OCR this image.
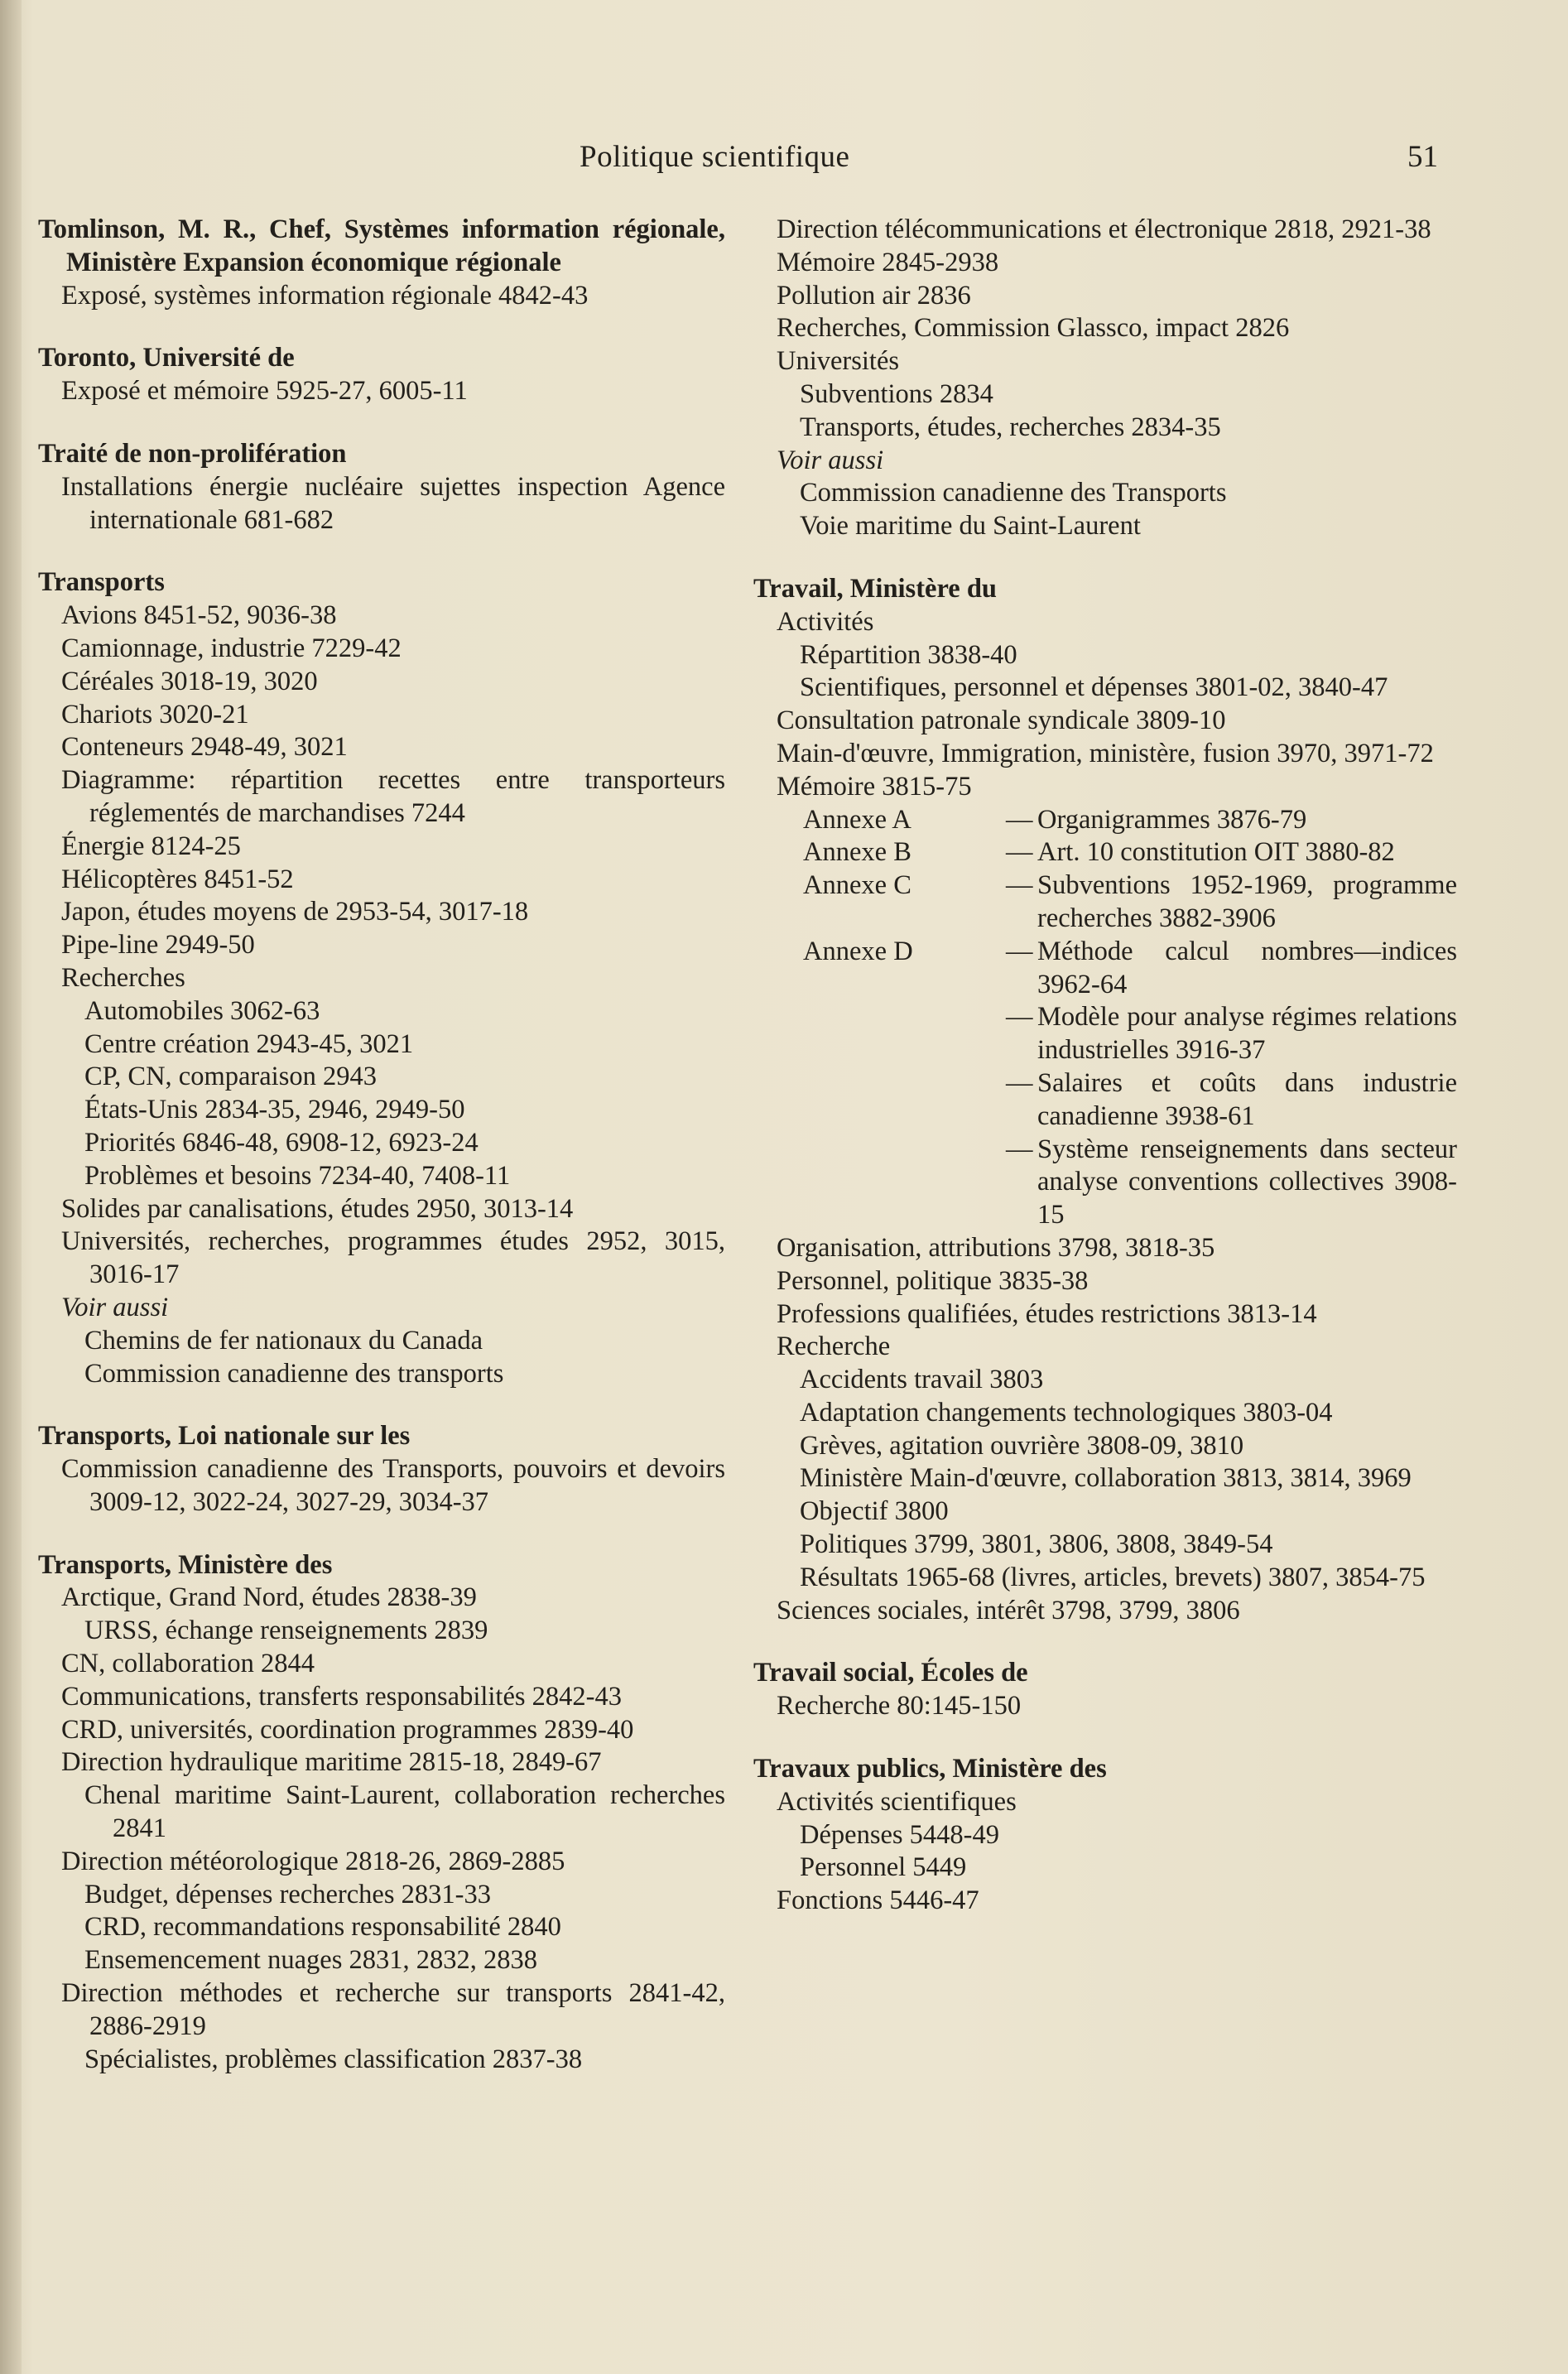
Politique scientifique	51
Tomlinson, M. R., Chef, Systèmes information régionale, Ministère Expansion économique régionale
Exposé, systèmes information régionale 4842-43
Toronto, Université de
Exposé et mémoire 5925-27, 6005-11
Traité de non-prolifération
Installations énergie nucléaire sujettes inspection Agence internationale 681-682
Transports
Avions 8451-52, 9036-38
Camionnage, industrie 7229-42
Céréales 3018-19, 3020
Chariots 3020-21
Conteneurs 2948-49, 3021
Diagramme: répartition recettes entre transporteurs réglementés de marchandises 7244
Énergie 8124-25
Hélicoptères 8451-52
Japon, études moyens de 2953-54, 3017-18
Pipe-line 2949-50
Recherches
Automobiles 3062-63
Centre création 2943-45, 3021
CP, CN, comparaison 2943
États-Unis 2834-35, 2946, 2949-50
Priorités 6846-48, 6908-12, 6923-24
Problèmes et besoins 7234-40, 7408-11
Solides par canalisations, études 2950, 3013-14
Universités, recherches, programmes études 2952, 3015, 3016-17
Voir aussi
Chemins de fer nationaux du Canada
Commission canadienne des transports
Transports, Loi nationale sur les
Commission canadienne des Transports, pouvoirs et devoirs 3009-12, 3022-24, 3027-29, 3034-37
Transports, Ministère des
Arctique, Grand Nord, études 2838-39
URSS, échange renseignements 2839
CN, collaboration 2844
Communications, transferts responsabilités 2842-43
CRD, universités, coordination programmes 2839-40
Direction hydraulique maritime 2815-18, 2849-67
Chenal maritime Saint-Laurent, collaboration recherches 2841
Direction météorologique 2818-26, 2869-2885
Budget, dépenses recherches 2831-33
CRD, recommandations responsabilité 2840
Ensemencement nuages 2831, 2832, 2838
Direction méthodes et recherche sur transports 2841-42, 2886-2919
Spécialistes, problèmes classification 2837-38
Direction télécommunications et électronique 2818, 2921-38
Mémoire 2845-2938
Pollution air 2836
Recherches, Commission Glassco, impact 2826
Universités
Subventions 2834
Transports, études, recherches 2834-35
Voir aussi
Commission canadienne des Transports
Voie maritime du Saint-Laurent
Travail, Ministère du
Activités
Répartition 3838-40
Scientifiques, personnel et dépenses 3801-02, 3840-47
Consultation patronale syndicale 3809-10
Main-d'œuvre, Immigration, ministère, fusion 3970, 3971-72
Mémoire 3815-75
Annexe A	— Organigrammes 3876-79
Annexe B	— Art. 10 constitution OIT 3880-82
Annexe C	— Subventions 1952-1969, programme recherches 3882-3906
Annexe D	— Méthode calcul nombres—indices 3962-64
— Modèle pour analyse régimes relations industrielles 3916-37
— Salaires et coûts dans industrie canadienne 3938-61
— Système renseignements dans secteur analyse conventions collectives 3908-15
Organisation, attributions 3798, 3818-35
Personnel, politique 3835-38
Professions qualifiées, études restrictions 3813-14
Recherche
Accidents travail 3803
Adaptation changements technologiques 3803-04
Grèves, agitation ouvrière 3808-09, 3810
Ministère Main-d'œuvre, collaboration 3813, 3814, 3969
Objectif 3800
Politiques 3799, 3801, 3806, 3808, 3849-54
Résultats 1965-68 (livres, articles, brevets) 3807, 3854-75
Sciences sociales, intérêt 3798, 3799, 3806
Travail social, Écoles de
Recherche 80:145-150
Travaux publics, Ministère des
Activités scientifiques
Dépenses 5448-49
Personnel 5449
Fonctions 5446-47
